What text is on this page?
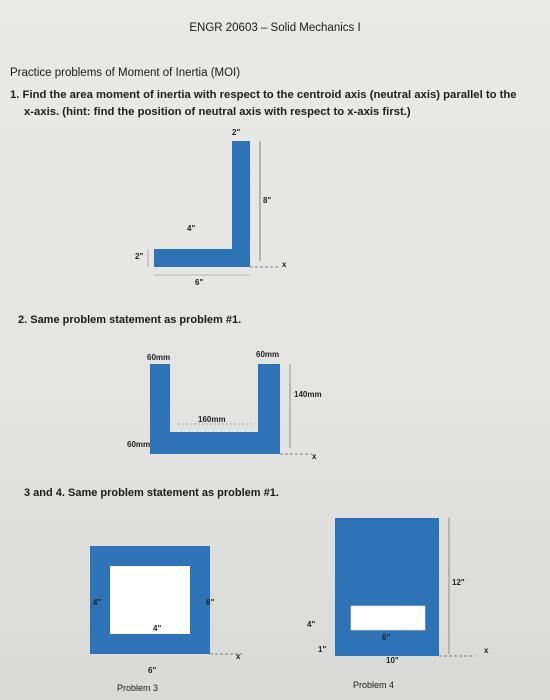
ENGR 20603 – Solid Mechanics I
Practice problems of Moment of Inertia (MOI)
1. Find the area moment of inertia with respect to the centroid axis (neutral axis) parallel to the
x-axis. (hint: find the position of neutral axis with respect to x-axis first.)
2"
8"
4"
2"
6"
x
2. Same problem statement as problem #1.
60mm	60mm
140mm
160mm
60mm
x
3 and 4. Same problem statement as problem #1.
4"	6"
4"
6"
x
Problem 3
12"
4"
6"
1"
10"
x
Problem 4
